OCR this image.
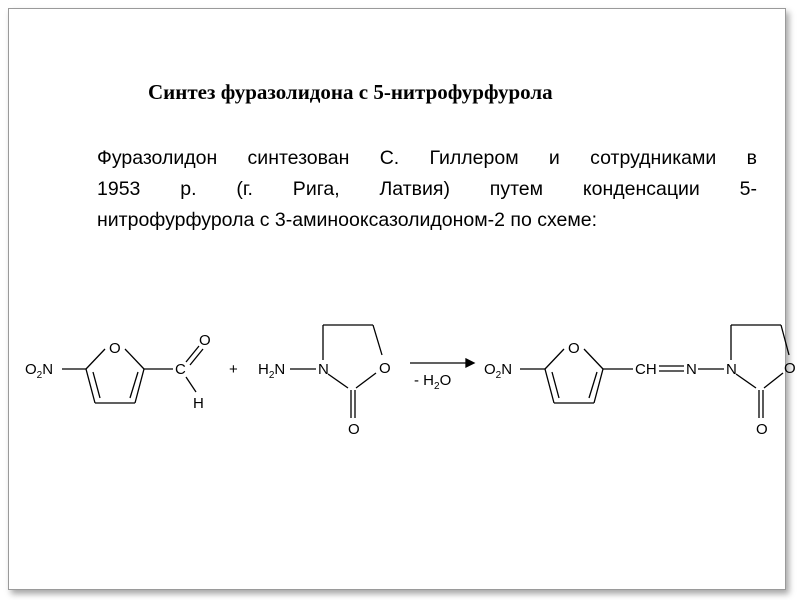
Синтез фуразолидона с 5-нитрофурфурола
Фуразолидон синтезован С. Гиллером и сотрудниками в
1953 р. (г. Рига, Латвия) путем конденсации 5-
нитрофурфурола с 3-аминооксазолидоном-2 по схеме:
$O_2N$
O
C
O
H
+ $H_2N$ N	O
O
- $H_2O$
$O_2N$
O
CH N N	O
O
